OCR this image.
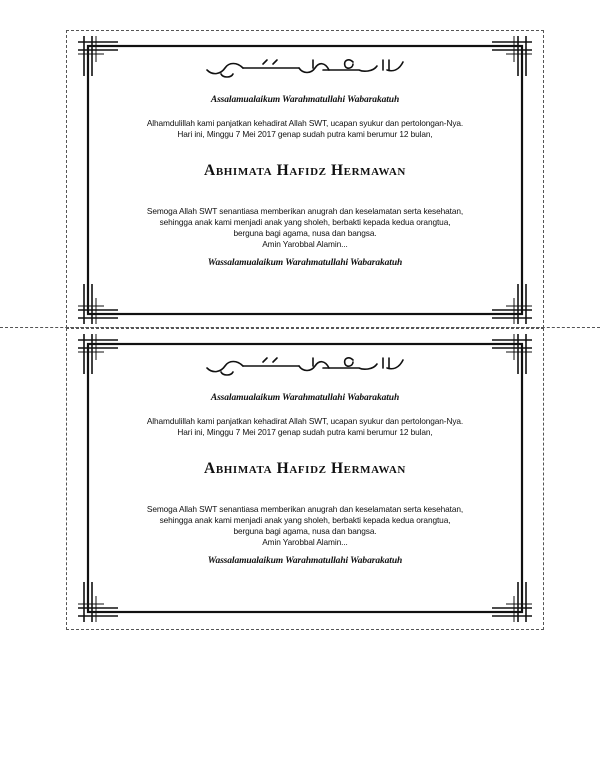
Assalamualaikum Warahmatullahi Wabarakatuh
Alhamdulillah kami panjatkan kehadirat Allah SWT, ucapan syukur dan pertolongan-Nya.
Hari ini, Minggu 7 Mei 2017 genap sudah putra kami berumur 12 bulan,
Abhimata Hafidz Hermawan
Semoga Allah SWT senantiasa memberikan anugrah dan keselamatan serta kesehatan,
sehingga anak kami menjadi anak yang sholeh, berbakti kepada kedua orangtua,
berguna bagi agama, nusa dan bangsa.
Amin Yarobbal Alamin...
Wassalamualaikum Warahmatullahi Wabarakatuh
Assalamualaikum Warahmatullahi Wabarakatuh
Alhamdulillah kami panjatkan kehadirat Allah SWT, ucapan syukur dan pertolongan-Nya.
Hari ini, Minggu 7 Mei 2017 genap sudah putra kami berumur 12 bulan,
Abhimata Hafidz Hermawan
Semoga Allah SWT senantiasa memberikan anugrah dan keselamatan serta kesehatan,
sehingga anak kami menjadi anak yang sholeh, berbakti kepada kedua orangtua,
berguna bagi agama, nusa dan bangsa.
Amin Yarobbal Alamin...
Wassalamualaikum Warahmatullahi Wabarakatuh
